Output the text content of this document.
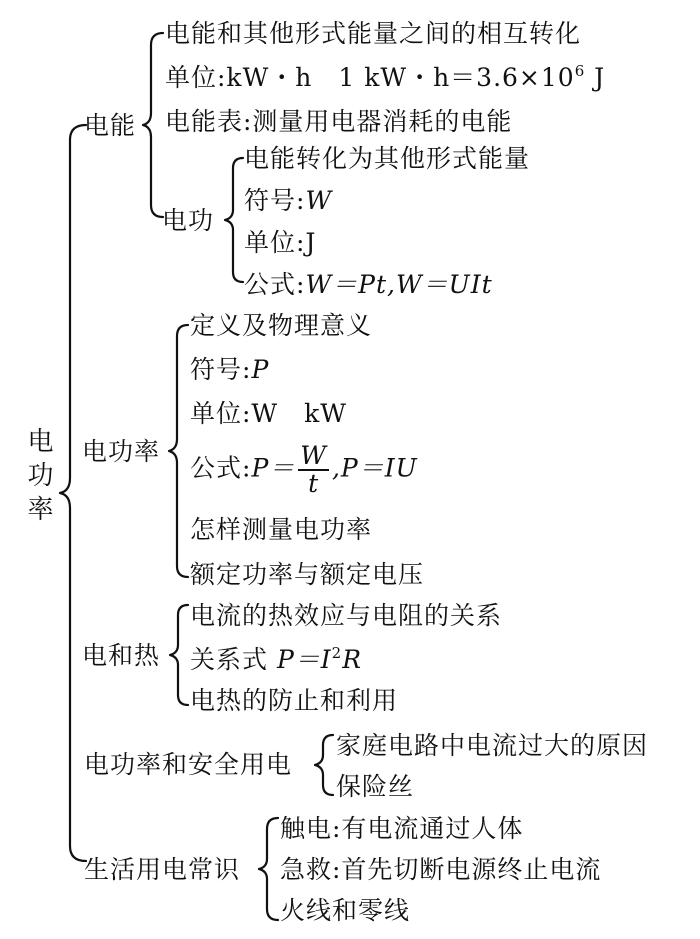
电
功
率
电能
电能和其他形式能量之间的相互转化
单位:kW・h　1 kW・$h=3.6\times 10^6$ J
电能表:测量用电器消耗的电能
电功
电能转化为其他形式能量
符号:W
单位:J
公式:W＝Pt,W＝UIt
电功率
定义及物理意义
符号:P
单位:W　kW
公式:P＝ $\frac{W}{t} ,P=IU$
怎样测量电功率
额定功率与额定电压
电和热
电流的热效应与电阻的关系
关系式 $P=I^2R$
电热的防止和利用
电功率和安全用电
家庭电路中电流过大的原因
保险丝
生活用电常识
触电:有电流通过人体
急救:首先切断电源终止电流
火线和零线
